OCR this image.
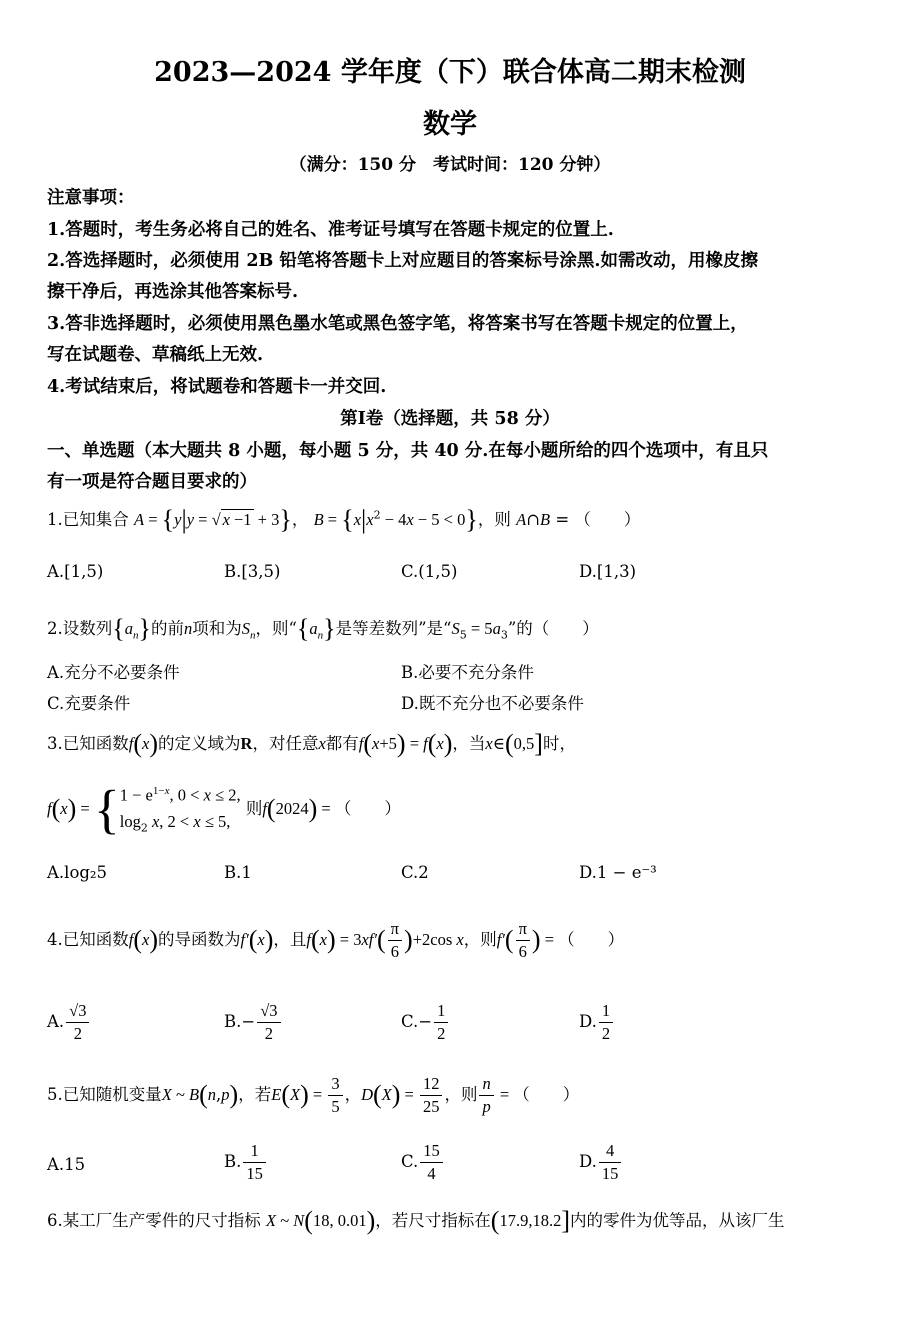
2023—2024 学年度（下）联合体高二期末检测
数学
（满分：150 分　考试时间：120 分钟）
注意事项：
1.答题时，考生务必将自己的姓名、准考证号填写在答题卡规定的位置上.
2.答选择题时，必须使用 2B 铅笔将答题卡上对应题目的答案标号涂黑.如需改动，用橡皮擦
擦干净后，再选涂其他答案标号.
3.答非选择题时，必须使用黑色墨水笔或黑色签字笔，将答案书写在答题卡规定的位置上，
写在试题卷、草稿纸上无效.
4.考试结束后，将试题卷和答题卡一并交回.
第Ⅰ卷（选择题，共 58 分）
一、单选题（本大题共 8 小题，每小题 5 分，共 40 分.在每小题所给的四个选项中，有且只
有一项是符合题目要求的）
1.已知集合 A = {y|y = √ x −1 + 3}， $B = \{x|x^2 - 4x - 5 < 0\}$，则 A∩B = （　　）
A.[1,5)	B.[3,5)	C.(1,5)	D.[1,3)
2.设数列$\{a_n\}$的前n项和为$S_n$，则“$\{a_n\}$是等差数列”是“$S_5 = 5a_3$”的（　　）
A.充分不必要条件	B.必要不充分条件
C.充要条件	D.既不充分也不必要条件
3.已知函数f(x)的定义域为R，对任意x都有f(x+5) = f(x)，当x∈(0,5]时，
$f(x) = \{1 - e^{1-x}$, 0 < x ≤ 2,
$\log_2 x$, 2 < x ≤ 5, 则f(2024) = （　　）
A.log₂5	B.1	C.2	D.1 − e⁻³
4.已知函数f(x)的导函数为f′(x)，且$f(x) = 3xf'( \frac{\pi}{6} )+2\cos$ x，则$f'( \frac{\pi}{6}$ ) = （　　）
A. $\frac{√3}{2}$	$B.- \frac{√3}{2}$	$C.- \frac{1}{2}$	D. $\frac{1}{2}$
5.已知随机变量X ~ B(n,p)，若$E(X) = \frac{3}{5}$ ，$D(X) = \frac{12}{25}$ ，则 $\frac{n}{p}$ = （　　）
A.15	B. $\frac{1}{15}$	C. $\frac{15}{4}$	D. $\frac{4}{15}$
6.某工厂生产零件的尺寸指标 X ~ N(18, 0.01)，若尺寸指标在(17.9,18.2]内的零件为优等品，从该厂生
